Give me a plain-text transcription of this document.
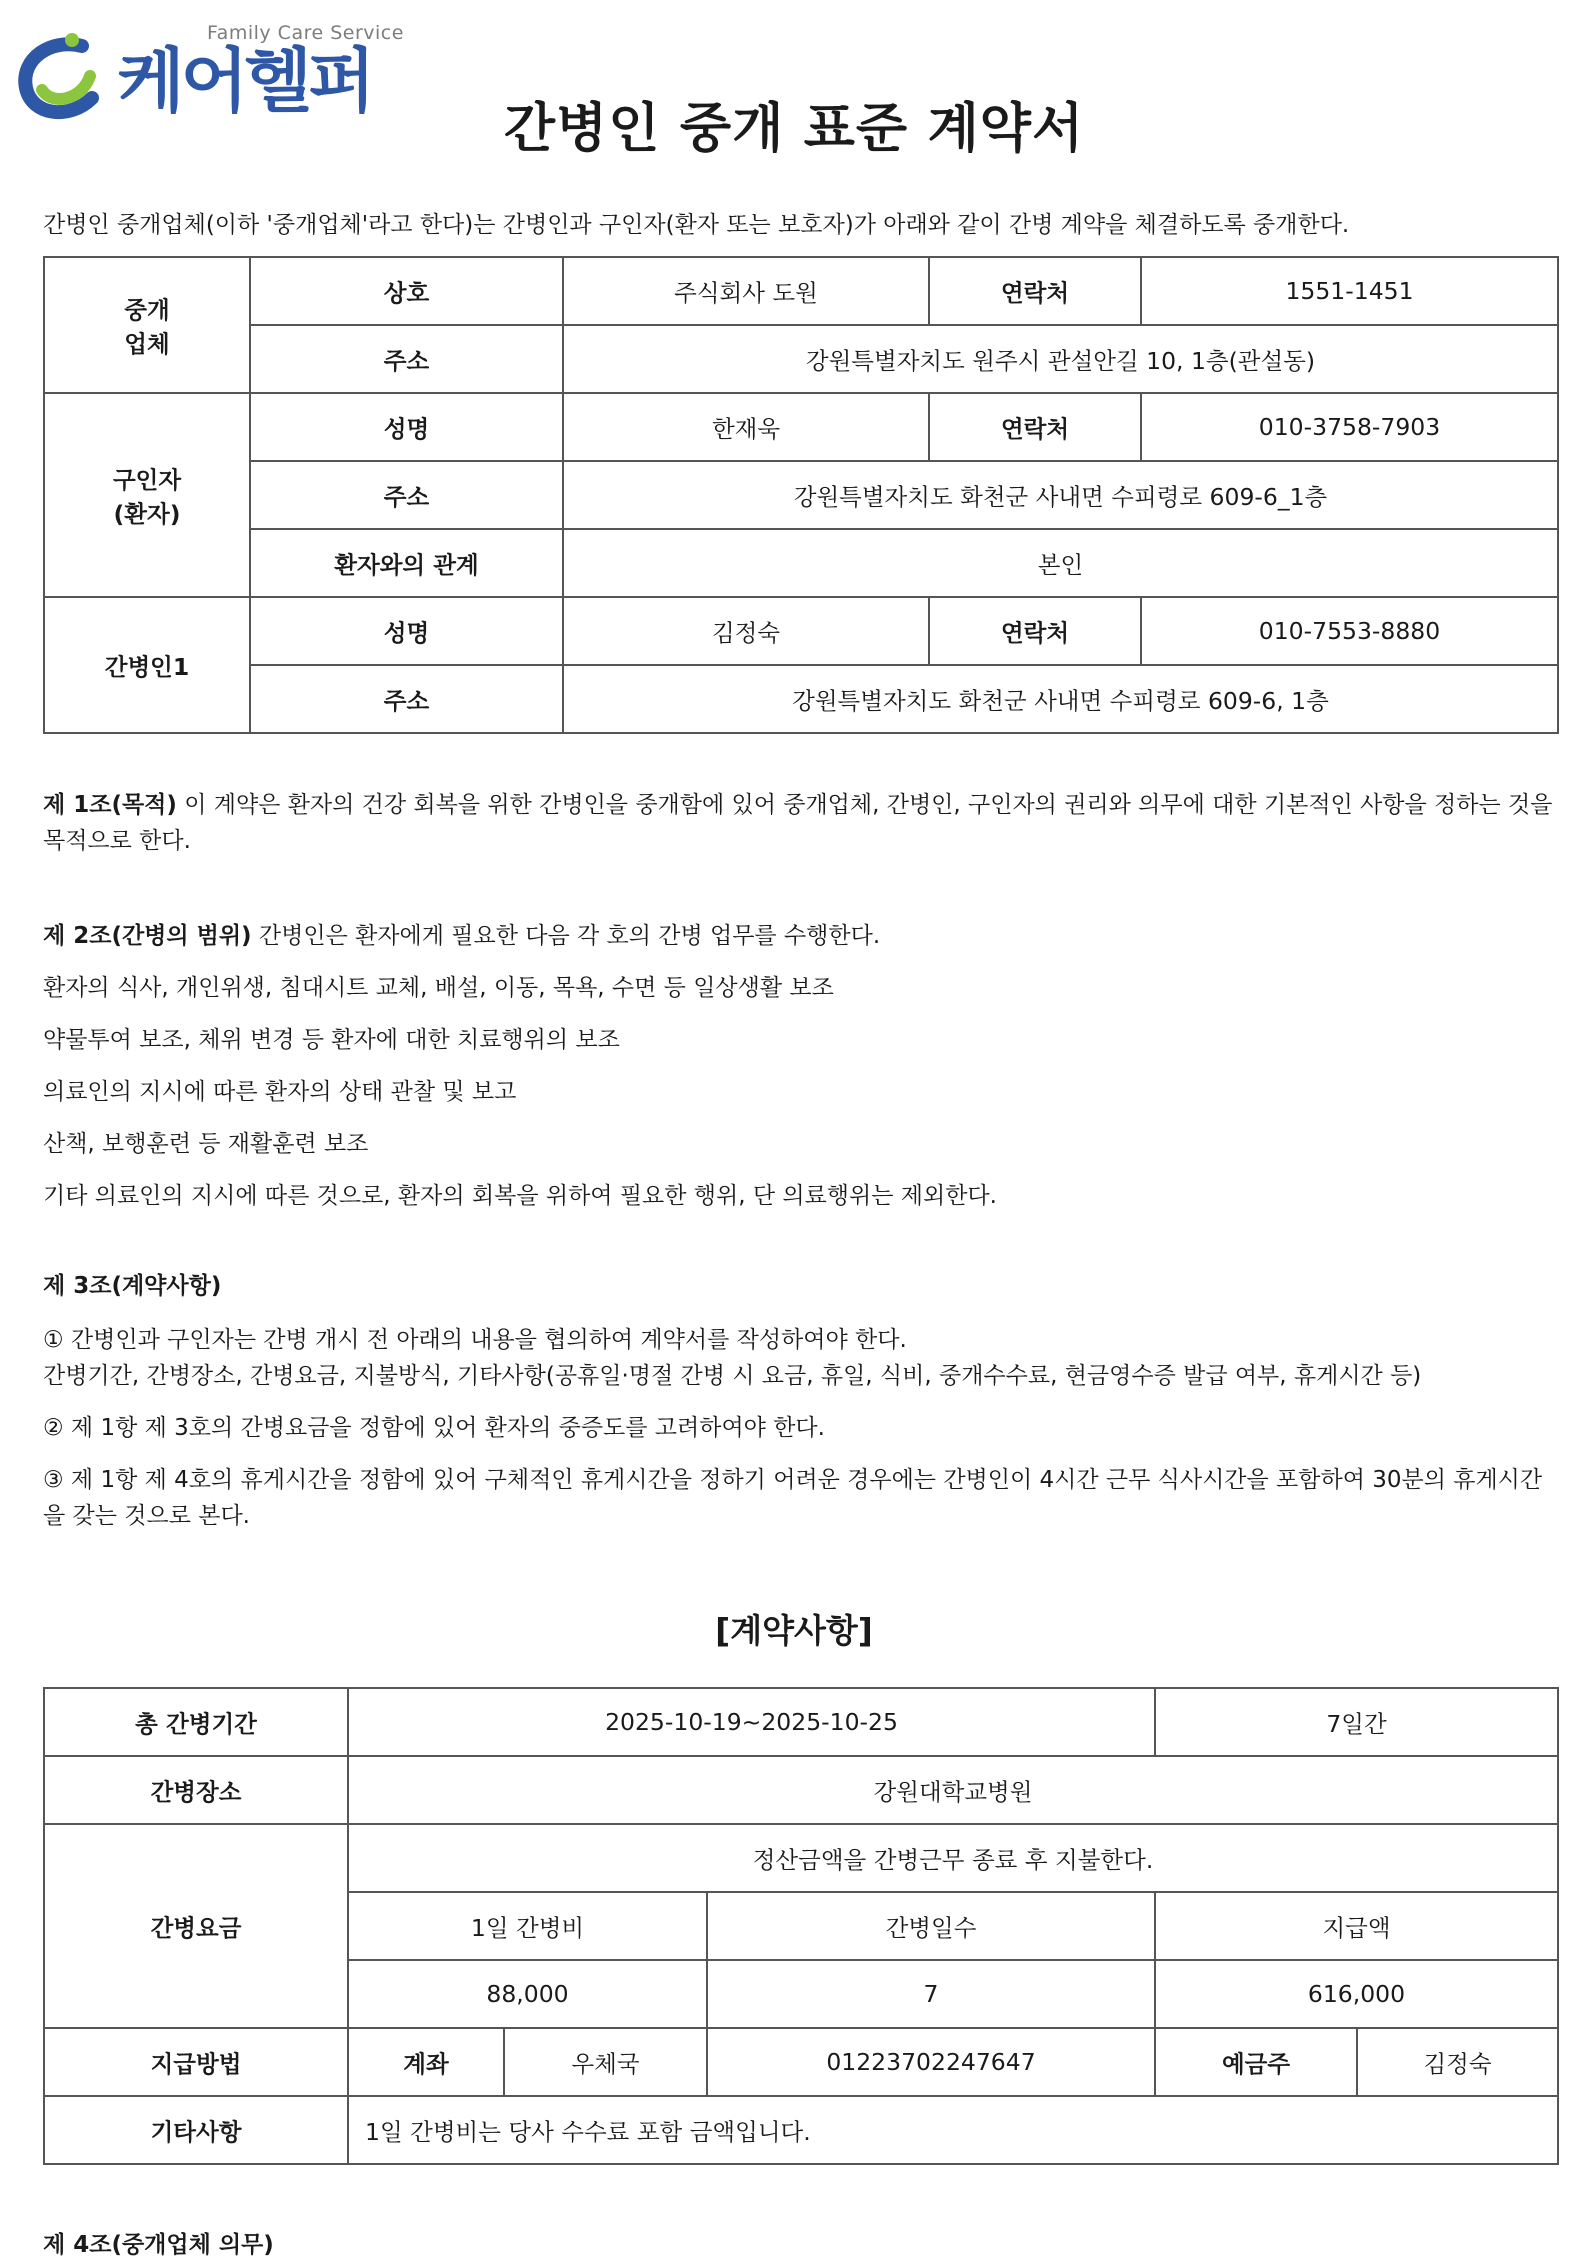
Family Care Service
케어헬퍼
간병인 중개 표준 계약서
간병인 중개업체(이하 '중개업체'라고 한다)는 간병인과 구인자(환자 또는 보호자)가 아래와 같이 간병 계약을 체결하도록 중개한다.
중개
업체	상호	주식회사 도원	연락처	1551-1451
	주소	강원특별자치도 원주시 관설안길 10, 1층(관설동)		
구인자
(환자)	성명	한재욱	연락처	010-3758-7903
	주소	강원특별자치도 화천군 사내면 수피령로 609-6_1층		
	환자와의 관계	본인		
간병인1	성명	김정숙	연락처	010-7553-8880
	주소	강원특별자치도 화천군 사내면 수피령로 609-6, 1층		
제 1조(목적) 이 계약은 환자의 건강 회복을 위한 간병인을 중개함에 있어 중개업체, 간병인, 구인자의 권리와 의무에 대한 기본적인 사항을 정하는 것을 목적으로 한다.
제 2조(간병의 범위) 간병인은 환자에게 필요한 다음 각 호의 간병 업무를 수행한다.
환자의 식사, 개인위생, 침대시트 교체, 배설, 이동, 목욕, 수면 등 일상생활 보조
약물투여 보조, 체위 변경 등 환자에 대한 치료행위의 보조
의료인의 지시에 따른 환자의 상태 관찰 및 보고
산책, 보행훈련 등 재활훈련 보조
기타 의료인의 지시에 따른 것으로, 환자의 회복을 위하여 필요한 행위, 단 의료행위는 제외한다.
제 3조(계약사항)
① 간병인과 구인자는 간병 개시 전 아래의 내용을 협의하여 계약서를 작성하여야 한다.
간병기간, 간병장소, 간병요금, 지불방식, 기타사항(공휴일·명절 간병 시 요금, 휴일, 식비, 중개수수료, 현금영수증 발급 여부, 휴게시간 등)
② 제 1항 제 3호의 간병요금을 정함에 있어 환자의 중증도를 고려하여야 한다.
③ 제 1항 제 4호의 휴게시간을 정함에 있어 구체적인 휴게시간을 정하기 어려운 경우에는 간병인이 4시간 근무 식사시간을 포함하여 30분의 휴게시간을 갖는 것으로 본다.
[계약사항]
총 간병기간	2025-10-19~2025-10-25			7일간	
간병장소	강원대학교병원				
간병요금	정산금액을 간병근무 종료 후 지불한다.				
	1일 간병비		간병일수	지급액	
	88,000		7	616,000	
지급방법	계좌	우체국	01223702247647	예금주	김정숙
기타사항	1일 간병비는 당사 수수료 포함 금액입니다.				
제 4조(중개업체 의무)
